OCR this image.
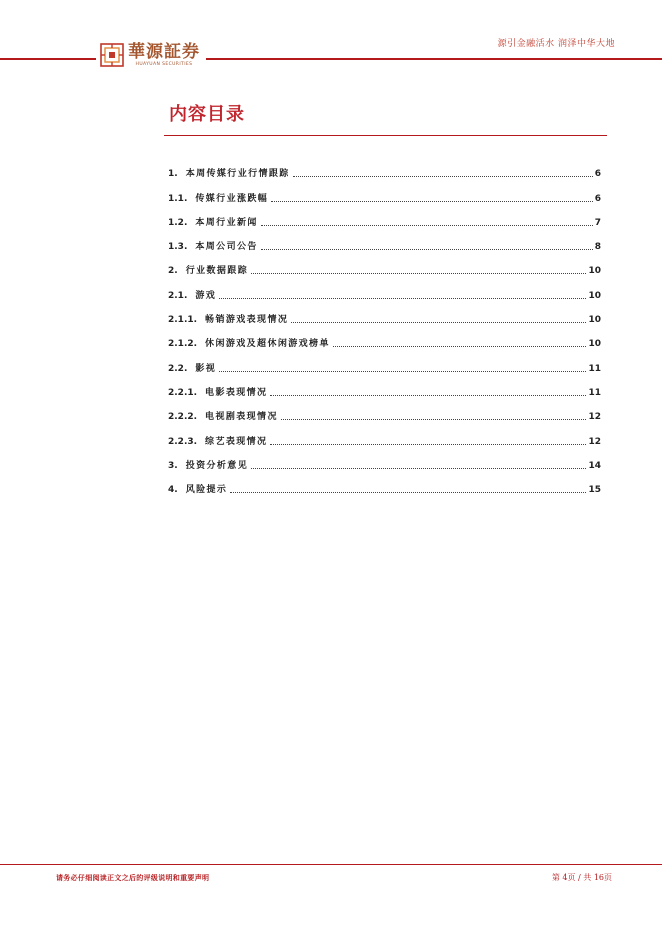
華源証券
HUAYUAN SECURITIES
源引金融活水 润泽中华大地
内容目录
1. 本周传媒行业行情跟踪	6
1.1. 传媒行业涨跌幅	6
1.2. 本周行业新闻	7
1.3. 本周公司公告	8
2. 行业数据跟踪	10
2.1. 游戏	10
2.1.1. 畅销游戏表现情况	10
2.1.2. 休闲游戏及超休闲游戏榜单	10
2.2. 影视	11
2.2.1. 电影表现情况	11
2.2.2. 电视剧表现情况	12
2.2.3. 综艺表现情况	12
3. 投资分析意见	14
4. 风险提示	15
请务必仔细阅读正文之后的评级说明和重要声明	第 4页 / 共 16页
